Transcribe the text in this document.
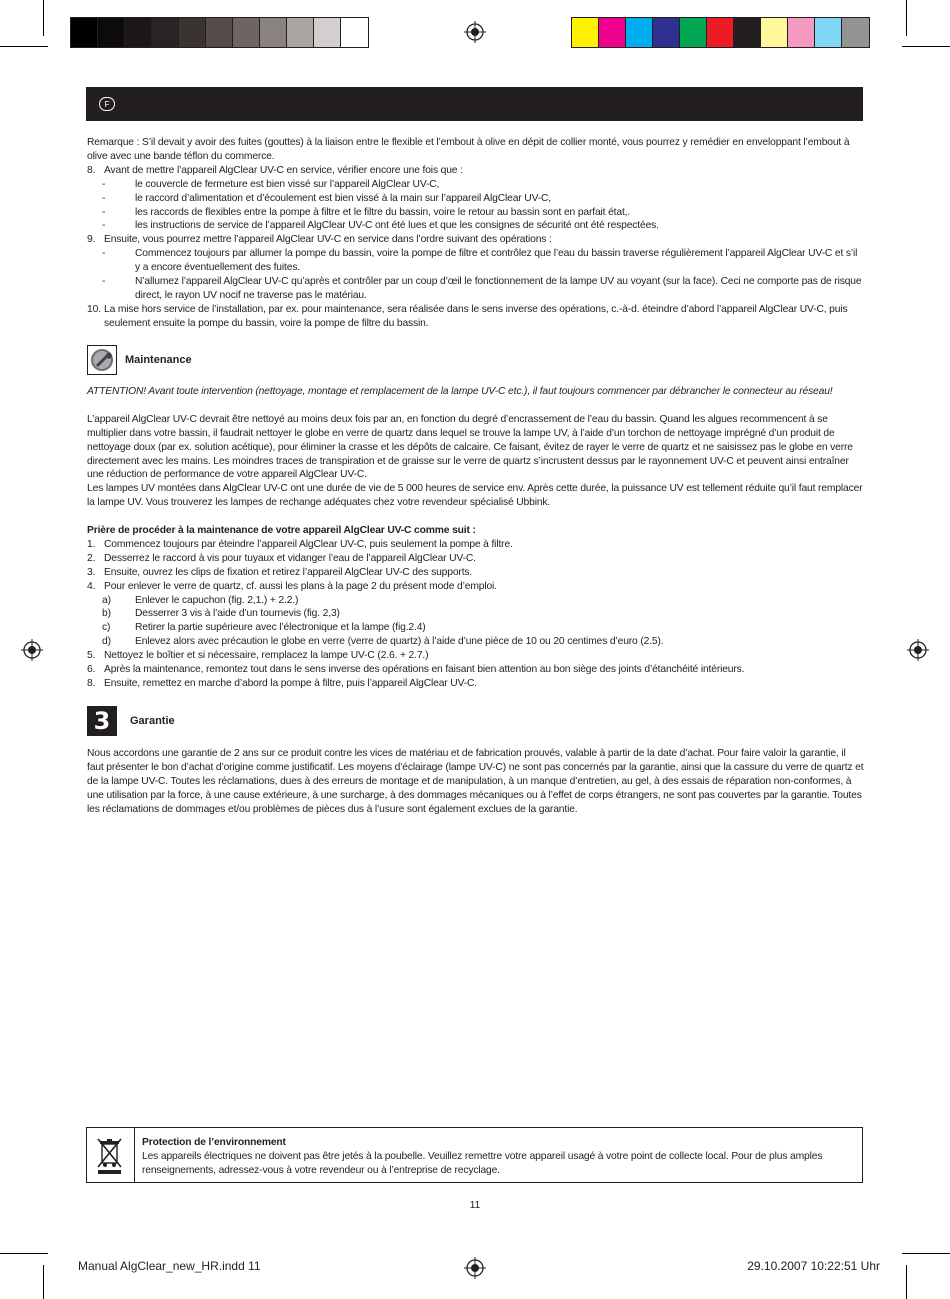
F

Remarque : S’il devait y avoir des fuites (gouttes) à la liaison entre le flexible et l’embout à olive en dépit de collier monté, vous pourrez y remédier en enveloppant l’embout à olive avec une bande téflon du commerce.

8. Avant de mettre l’appareil AlgClear UV-C en service, vérifier encore une fois que :
-	le couvercle de fermeture est bien vissé sur l’appareil AlgClear UV-C,
-	le raccord d’alimentation et d’écoulement est bien vissé à la main sur l’appareil AlgClear UV-C,
-	les raccords de flexibles entre la pompe à filtre et le filtre du bassin, voire le retour au bassin sont en parfait état,.
-	les instructions de service de l’appareil AlgClear UV-C ont été lues et que les consignes de sécurité ont été respectées.
9. Ensuite, vous pourrez mettre l’appareil AlgClear UV-C en service dans l’ordre suivant des opérations :
-	Commencez toujours par allumer la pompe du bassin, voire la pompe de filtre et contrôlez que l’eau du bassin traverse régulièrement l’appareil AlgClear UV-C et s’il y a encore éventuellement des fuites.
-	N’allumez l’appareil AlgClear UV-C qu’après et contrôler par un coup d’œil le fonctionnement de la lampe UV au voyant (sur la face). Ceci ne comporte pas de risque direct, le rayon UV nocif ne traverse pas le matériau.
10. La mise hors service de l’installation, par ex. pour maintenance, sera réalisée dans le sens inverse des opérations, c.-à-d. éteindre d’abord l’appareil AlgClear UV-C, puis seulement ensuite la pompe du bassin, voire la pompe de filtre du bassin.
Maintenance

ATTENTION! Avant toute intervention (nettoyage, montage et remplacement de la lampe UV-C etc.), il faut toujours commencer par débrancher le connecteur au réseau!

L’appareil AlgClear UV-C devrait être nettoyé au moins deux fois par an, en fonction du degré d’encrassement de l’eau du bassin. Quand les algues recommencent à se multiplier dans votre bassin, il faudrait nettoyer le globe en verre de quartz dans lequel se trouve la lampe UV, à l’aide d’un torchon de nettoyage imprégné d’un produit de nettoyage doux (par ex. solution acétique), pour éliminer la crasse et les dépôts de calcaire. Ce faisant, évitez de rayer le verre de quartz et ne saisissez pas le globe en verre directement avec les mains. Les moindres traces de transpiration et de graisse sur le verre de quartz s’incrustent dessus par le rayonnement UV-C et peuvent ainsi entraîner une réduction de performance de votre appareil AlgClear UV-C.

Les lampes UV montées dans AlgClear UV-C ont une durée de vie de 5 000 heures de service env. Après cette durée, la puissance UV est tellement réduite qu’il faut remplacer la lampe UV. Vous trouverez les lampes de rechange adéquates chez votre revendeur spécialisé Ubbink.

Prière de procéder à la maintenance de votre appareil AlgClear UV-C comme suit :

1. Commencez toujours par éteindre l’appareil AlgClear UV-C, puis seulement la pompe à filtre.
2. Desserrez le raccord à vis pour tuyaux et vidanger l’eau de l’appareil AlgClear UV-C.
3. Ensuite, ouvrez les clips de fixation et retirez l’appareil AlgClear UV-C des supports.
4. Pour enlever le verre de quartz, cf. aussi les plans à la page 2 du présent mode d’emploi.
a)	Enlever le capuchon (fig. 2,1.) + 2.2.)
b)	Desserrer 3 vis à l’aide d’un tournevis (fig. 2,3)
c)	Retirer la partie supérieure avec l’électronique et la lampe (fig.2.4)
d)	Enlevez alors avec précaution le globe en verre (verre de quartz) à l’aide d’une pièce de 10 ou 20 centimes d’euro (2.5).
5. Nettoyez le boîtier et si nécessaire, remplacez la lampe UV-C (2.6. + 2.7.)
6. Après la maintenance, remontez tout dans le sens inverse des opérations en faisant bien attention au bon siège des joints d’étanchéité intérieurs.
8. Ensuite, remettez en marche d’abord la pompe à filtre, puis l’appareil AlgClear UV-C.
3	Garantie

Nous accordons une garantie de 2 ans sur ce produit contre les vices de matériau et de fabrication prouvés, valable à partir de la date d’achat. Pour faire valoir la garantie, il faut présenter le bon d’achat d’origine comme justificatif. Les moyens d’éclairage (lampe UV-C) ne sont pas concernés par la garantie, ainsi que la cassure du verre de quartz et de la lampe UV-C. Toutes les réclamations, dues à des erreurs de montage et de manipulation, à un manque d’entretien, au gel, à des essais de réparation non-conformes, à une utilisation par la force, à une cause extérieure, à une surcharge, à des dommages mécaniques ou à l’effet de corps étrangers, ne sont pas couvertes par la garantie. Toutes les réclamations de dommages et/ou problèmes de pièces dus à l’usure sont également exclues de la garantie.

Protection de l’environnement
Les appareils électriques ne doivent pas être jetés à la poubelle. Veuillez remettre votre appareil usagé à votre point de collecte local. Pour de plus amples renseignements, adressez-vous à votre revendeur ou à l’entreprise de recyclage.
11
Manual AlgClear_new_HR.indd 11	29.10.2007 10:22:51 Uhr
